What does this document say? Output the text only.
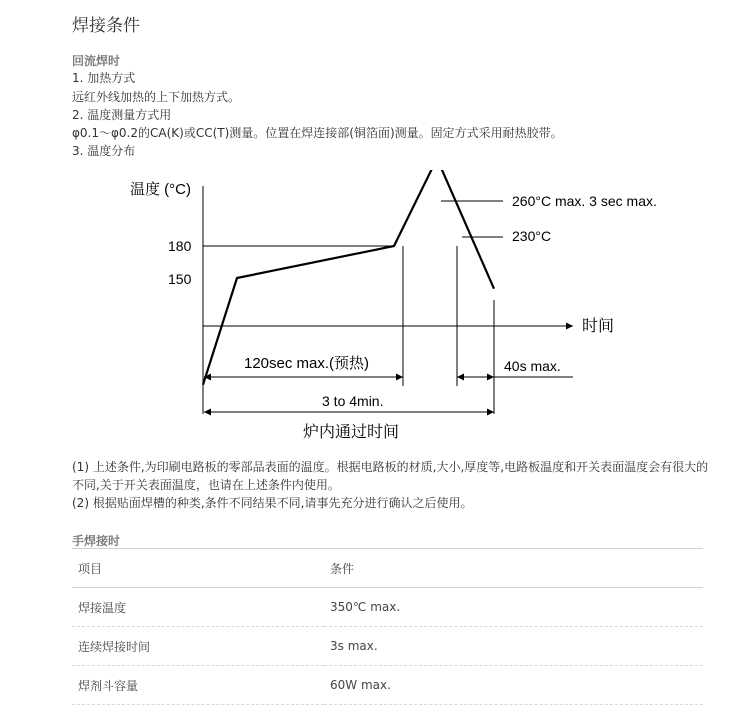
焊接条件
回流焊时
1. 加热方式
远红外线加热的上下加热方式。
2. 温度测量方式用
φ0.1～φ0.2的CA(K)或CC(T)测量。位置在焊连接部(铜箔面)测量。固定方式采用耐热胶带。
3. 温度分布
温度 (°C)
时间
180
150
260°C max. 3 sec max.
230°C
120sec max.(预热)	40s max.
3 to 4min.
炉内通过时间
(1) 上述条件,为印刷电路板的零部品表面的温度。根据电路板的材质,大小,厚度等,电路板温度和开关表面温度会有很大的不同,关于开关表面温度，也请在上述条件内使用。
(2) 根据贴面焊槽的种类,条件不同结果不同,请事先充分进行确认之后使用。
手焊接时
项目	条件
焊接温度	350℃ max.
连续焊接时间	3s max.
焊剂斗容量	60W max.
